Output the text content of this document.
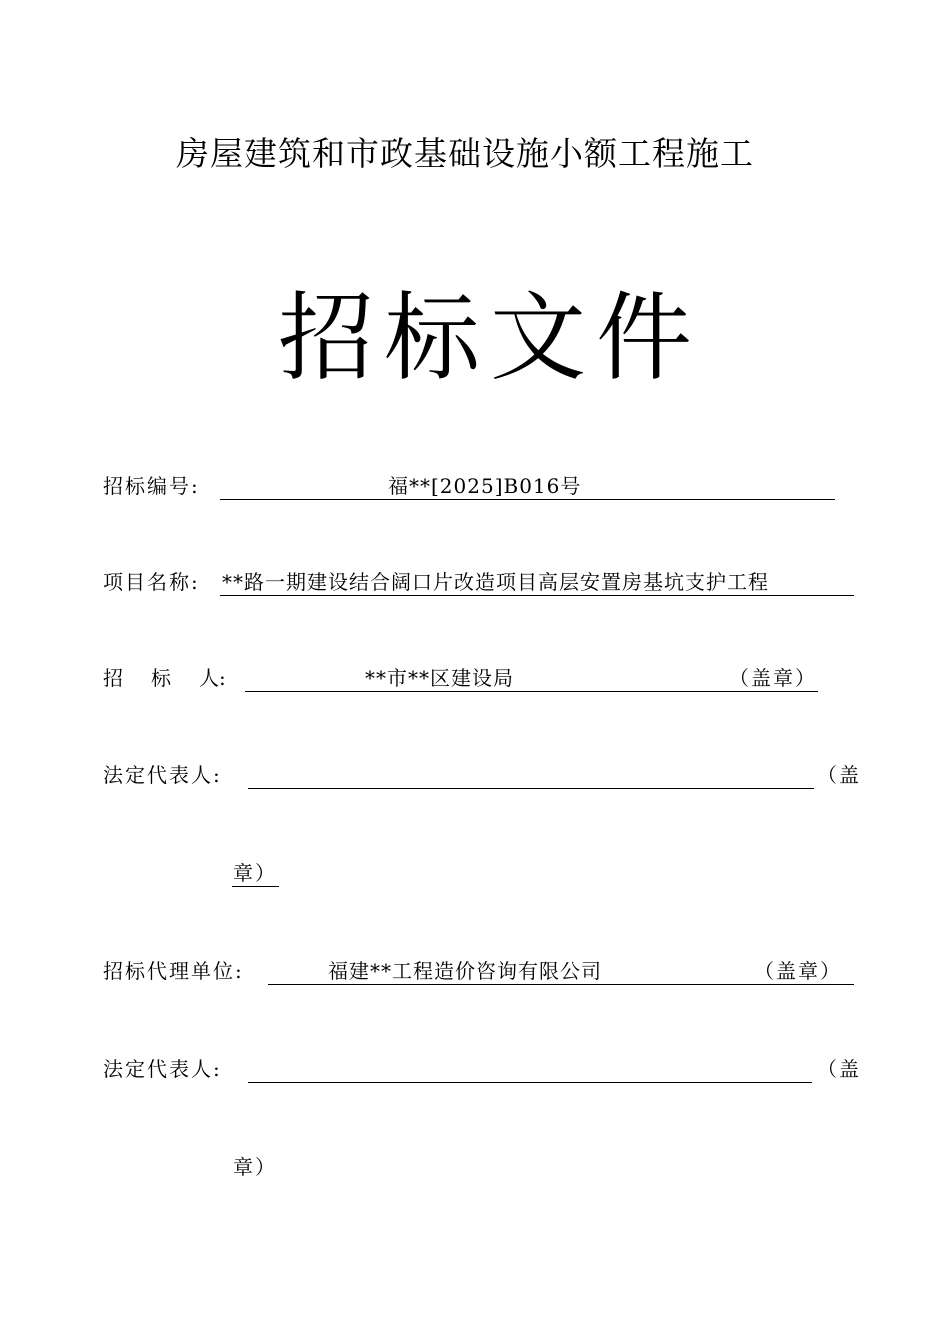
房屋建筑和市政基础设施小额工程施工
招标文件
招标编号:	福**[2025]B016号
项目名称: **路一期建设结合阔口片改造项目高层安置房基坑支护工程
招 标 人:	**市**区建设局	（盖章）
法定代表人:	（盖
章）
招标代理单位:	福建**工程造价咨询有限公司	（盖章）
法定代表人:	（盖
章）
